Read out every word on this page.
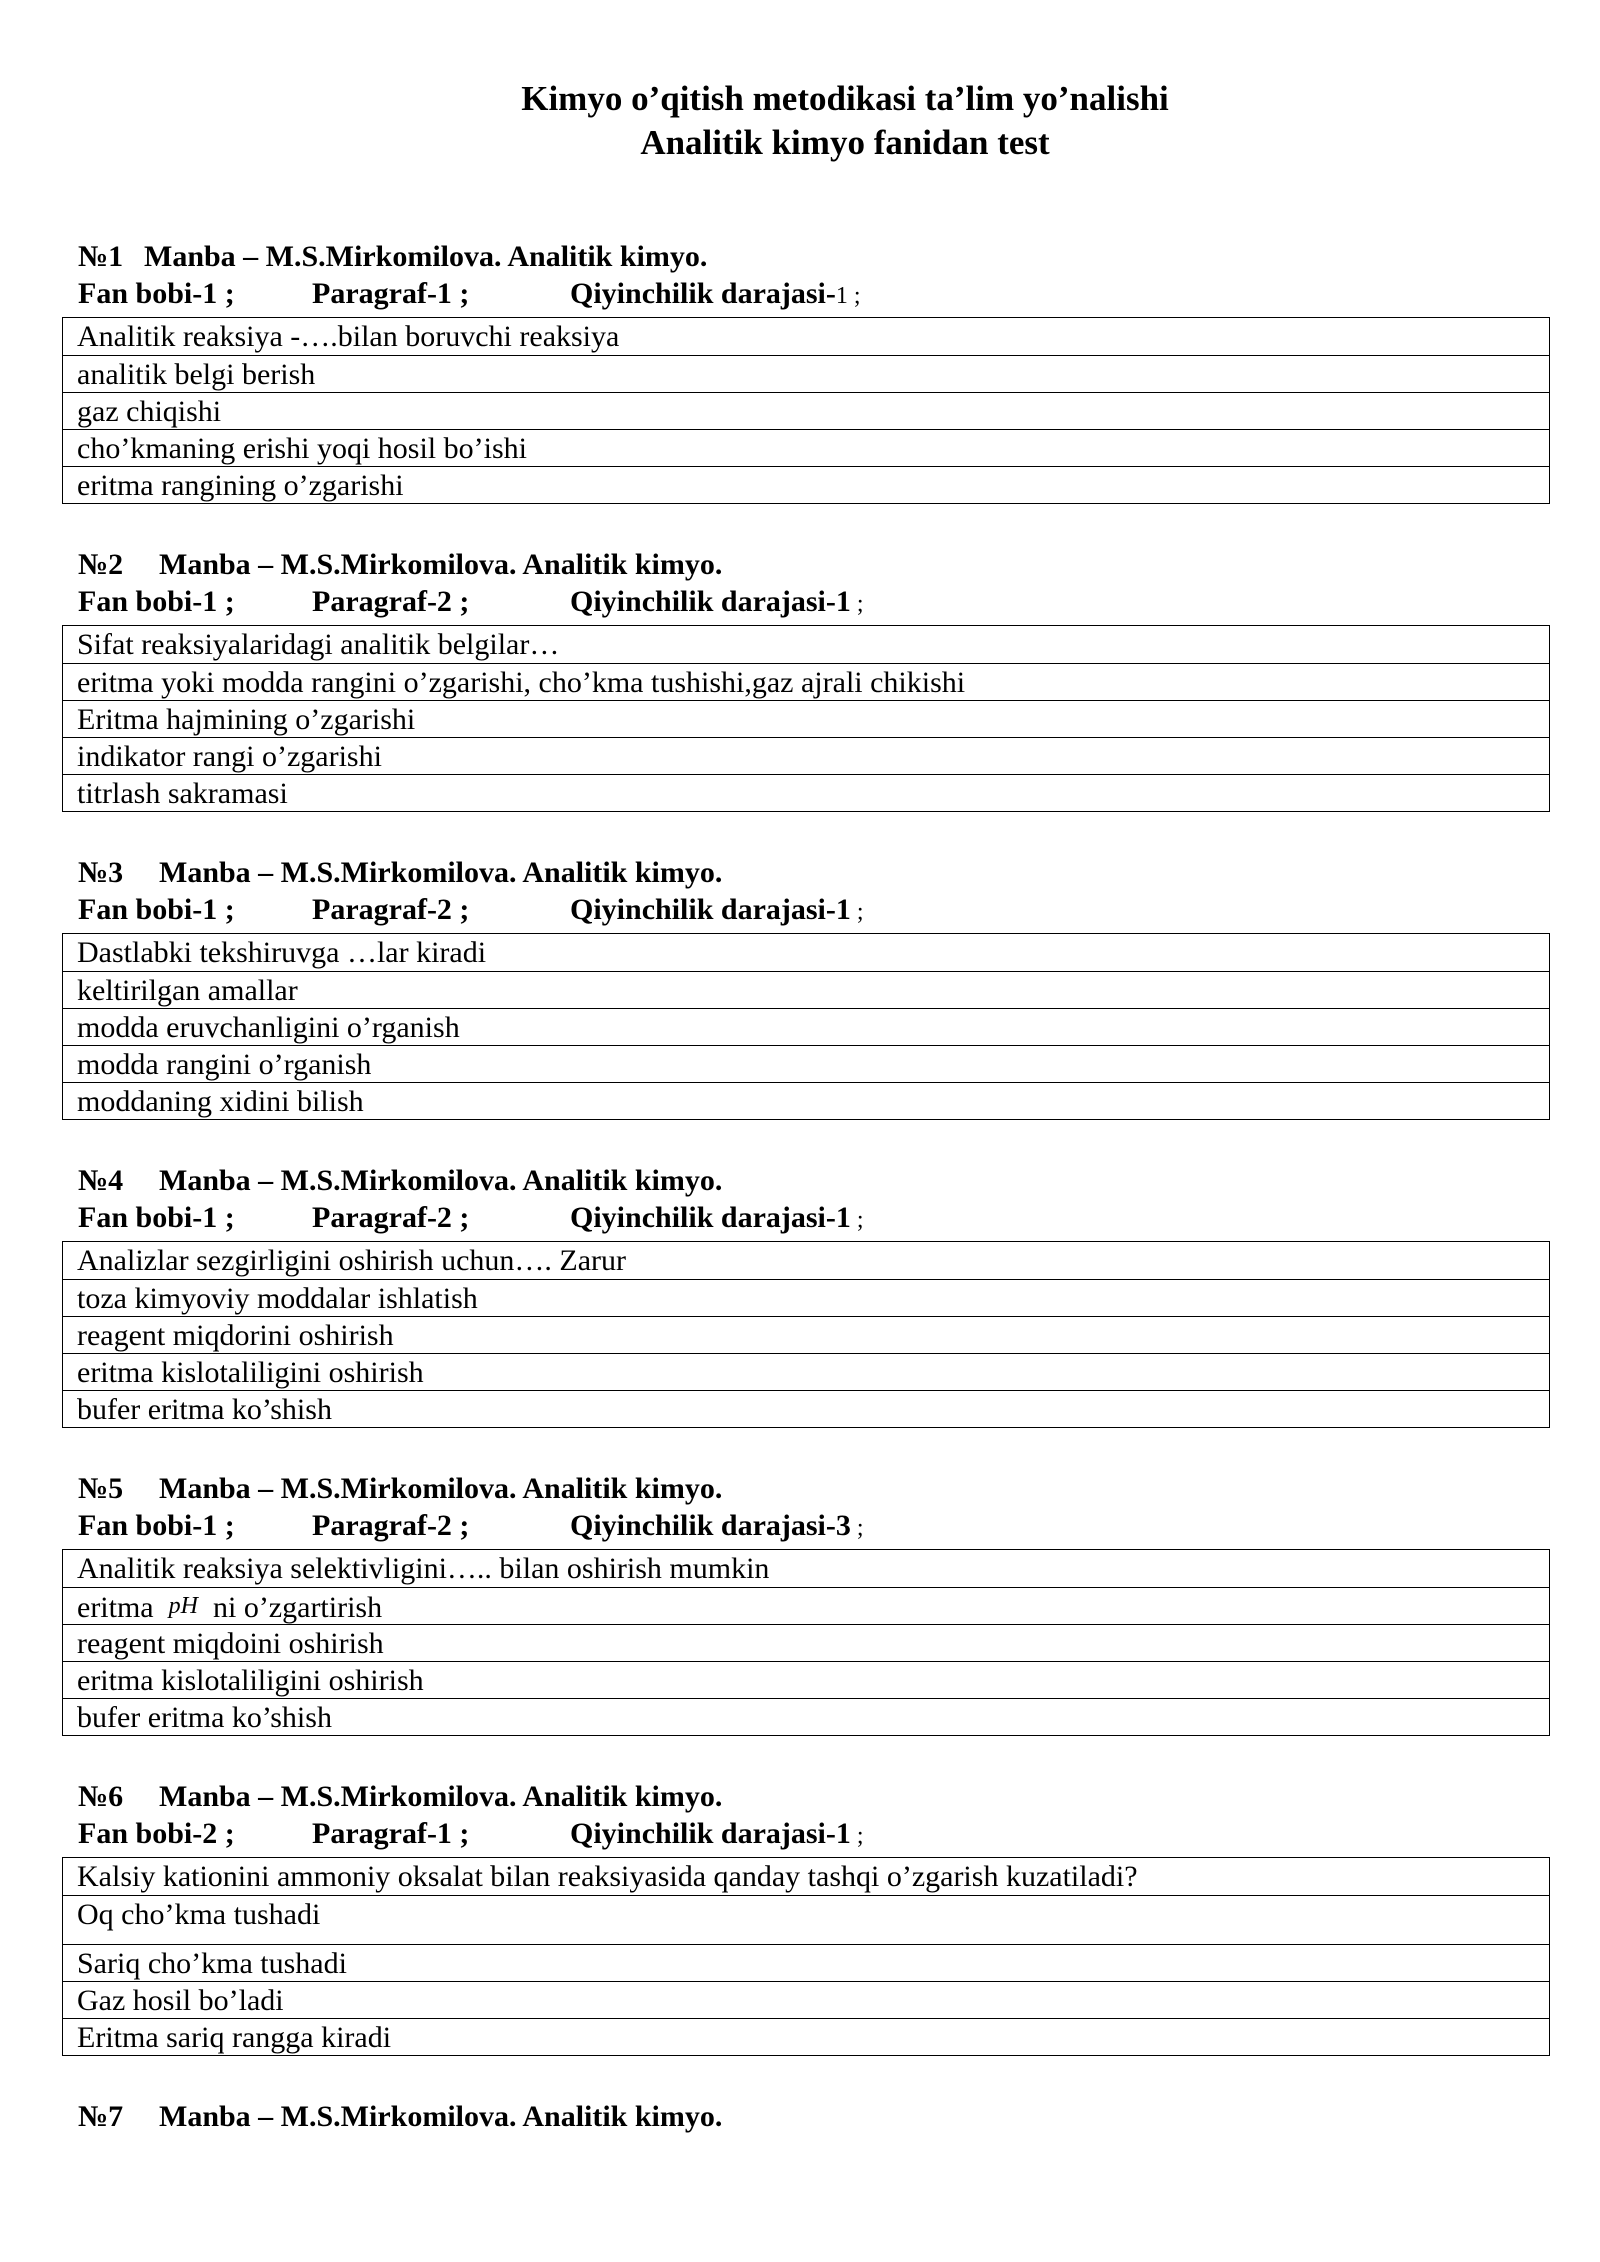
Kimyo o’qitish metodikasi ta’lim yo’nalishi
Analitik kimyo fanidan test
№1 Manba – M.S.Mirkomilova. Analitik kimyo.
Fan bobi-1 ;	Paragraf-1 ;	Qiyinchilik darajasi-1 ;
Analitik reaksiya -….bilan boruvchi reaksiya
analitik belgi berish
gaz chiqishi
cho’kmaning erishi yoqi hosil bo’ishi
eritma rangining o’zgarishi
№2 Manba – M.S.Mirkomilova. Analitik kimyo.
Fan bobi-1 ;	Paragraf-2 ;	Qiyinchilik darajasi-1 ;
Sifat reaksiyalaridagi analitik belgilar…
eritma yoki modda rangini o’zgarishi, cho’kma tushishi,gaz ajrali chikishi
Eritma hajmining o’zgarishi
indikator rangi o’zgarishi
titrlash sakramasi
№3 Manba – M.S.Mirkomilova. Analitik kimyo.
Fan bobi-1 ;	Paragraf-2 ;	Qiyinchilik darajasi-1 ;
Dastlabki tekshiruvga …lar kiradi
keltirilgan amallar
modda eruvchanligini o’rganish
modda rangini o’rganish
moddaning xidini bilish
№4 Manba – M.S.Mirkomilova. Analitik kimyo.
Fan bobi-1 ;	Paragraf-2 ;	Qiyinchilik darajasi-1 ;
Analizlar sezgirligini oshirish uchun…. Zarur
toza kimyoviy moddalar ishlatish
reagent miqdorini oshirish
eritma kislotaliligini oshirish
bufer eritma ko’shish
№5 Manba – M.S.Mirkomilova. Analitik kimyo.
Fan bobi-1 ;	Paragraf-2 ;	Qiyinchilik darajasi-3 ;
Analitik reaksiya selektivligini….. bilan oshirish mumkin
eritma pH ni o’zgartirish
reagent miqdoini oshirish
eritma kislotaliligini oshirish
bufer eritma ko’shish
№6 Manba – M.S.Mirkomilova. Analitik kimyo.
Fan bobi-2 ;	Paragraf-1 ;	Qiyinchilik darajasi-1 ;
Kalsiy kationini ammoniy oksalat bilan reaksiyasida qanday tashqi o’zgarish kuzatiladi?
Oq cho’kma tushadi
Sariq cho’kma tushadi
Gaz hosil bo’ladi
Eritma sariq rangga kiradi
№7 Manba – M.S.Mirkomilova. Analitik kimyo.
